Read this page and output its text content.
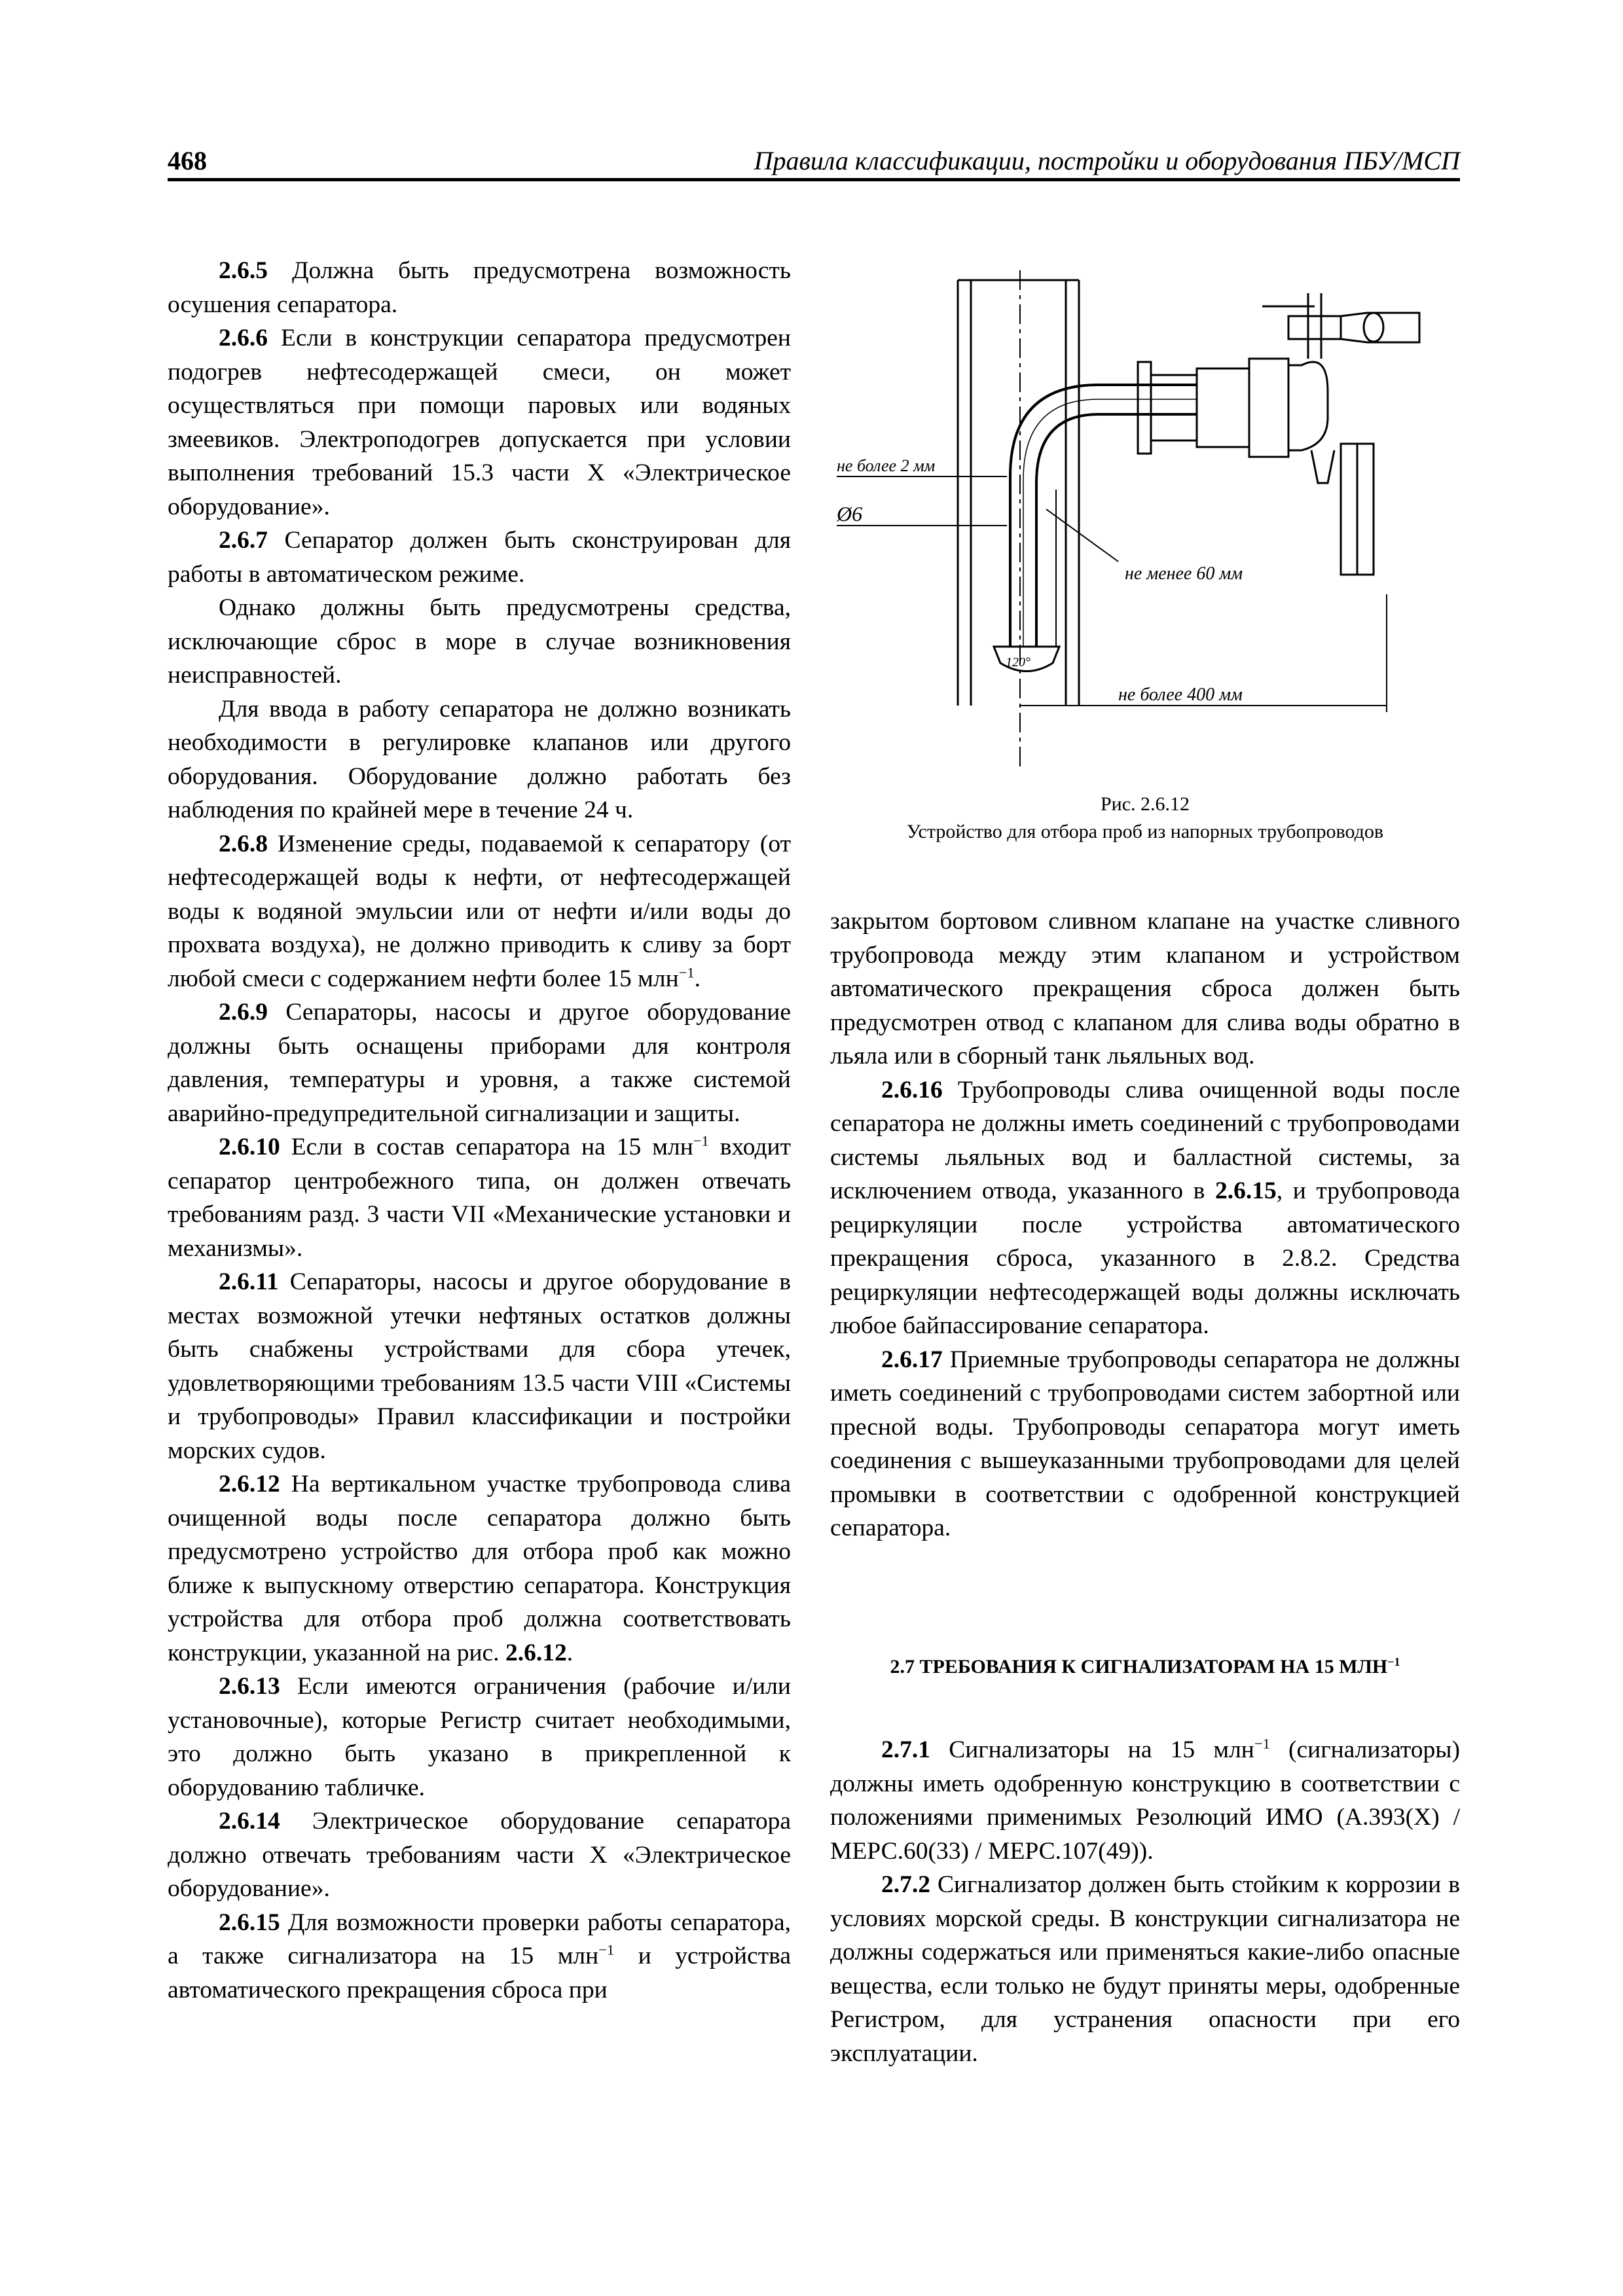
468	Правила классификации, постройки и оборудования ПБУ/МСП

2.6.5 Должна быть предусмотрена возможность осушения сепаратора.

2.6.6 Если в конструкции сепаратора предусмотрен подогрев нефтесодержащей смеси, он может осуществляться при помощи паровых или водяных змеевиков. Электроподогрев допускается при условии выполнения требований 15.3 части X «Электрическое оборудование».

2.6.7 Сепаратор должен быть сконструирован для работы в автоматическом режиме.

Однако должны быть предусмотрены средства, исключающие сброс в море в случае возникновения неисправностей.

Для ввода в работу сепаратора не должно возникать необходимости в регулировке клапанов или другого оборудования. Оборудование должно работать без наблюдения по крайней мере в течение 24 ч.

2.6.8 Изменение среды, подаваемой к сепаратору (от нефтесодержащей воды к нефти, от нефтесодержащей воды к водяной эмульсии или от нефти и/или воды до прохвата воздуха), не должно приводить к сливу за борт любой смеси с содержанием нефти более 15 млн$^{-1}$.

2.6.9 Сепараторы, насосы и другое оборудование должны быть оснащены приборами для контроля давления, температуры и уровня, а также системой аварийно-предупредительной сигнализации и защиты.

2.6.10 Если в состав сепаратора на 15 млн$^{-1}$ входит сепаратор центробежного типа, он должен отвечать требованиям разд. 3 части VII «Механические установки и механизмы».

2.6.11 Сепараторы, насосы и другое оборудование в местах возможной утечки нефтяных остатков должны быть снабжены устройствами для сбора утечек, удовлетворяющими требованиям 13.5 части VIII «Системы и трубопроводы» Правил классификации и постройки морских судов.

2.6.12 На вертикальном участке трубопровода слива очищенной воды после сепаратора должно быть предусмотрено устройство для отбора проб как можно ближе к выпускному отверстию сепаратора. Конструкция устройства для отбора проб должна соответствовать конструкции, указанной на рис. 2.6.12.

2.6.13 Если имеются ограничения (рабочие и/или установочные), которые Регистр считает необходимыми, это должно быть указано в прикрепленной к оборудованию табличке.

2.6.14 Электрическое оборудование сепаратора должно отвечать требованиям части X «Электрическое оборудование».

2.6.15 Для возможности проверки работы сепаратора, а также сигнализатора на 15 млн$^{-1}$ и устройства автоматического прекращения сброса при

не более 2 мм
Ø6
не менее 60 мм
120°
не более 400 мм
Рис. 2.6.12
Устройство для отбора проб из напорных трубопроводов

закрытом бортовом сливном клапане на участке сливного трубопровода между этим клапаном и устройством автоматического прекращения сброса должен быть предусмотрен отвод с клапаном для слива воды обратно в льяла или в сборный танк льяльных вод.

2.6.16 Трубопроводы слива очищенной воды после сепаратора не должны иметь соединений с трубопроводами системы льяльных вод и балластной системы, за исключением отвода, указанного в 2.6.15, и трубопровода рециркуляции после устройства автоматического прекращения сброса, указанного в 2.8.2. Средства рециркуляции нефтесодержащей воды должны исключать любое байпассирование сепаратора.

2.6.17 Приемные трубопроводы сепаратора не должны иметь соединений с трубопроводами систем забортной или пресной воды. Трубопроводы сепаратора могут иметь соединения с вышеуказанными трубопроводами для целей промывки в соответствии с одобренной конструкцией сепаратора.

2.7 ТРЕБОВАНИЯ К СИГНАЛИЗАТОРАМ НА 15 $МЛН^{-1}$

2.7.1 Сигнализаторы на 15 млн$^{-1}$ (сигнализаторы) должны иметь одобренную конструкцию в соответствии с положениями применимых Резолюций ИМО (А.393(X) / МЕРС.60(33) / МЕРС.107(49)).

2.7.2 Сигнализатор должен быть стойким к коррозии в условиях морской среды. В конструкции сигнализатора не должны содержаться или применяться какие-либо опасные вещества, если только не будут приняты меры, одобренные Регистром, для устранения опасности при его эксплуатации.
